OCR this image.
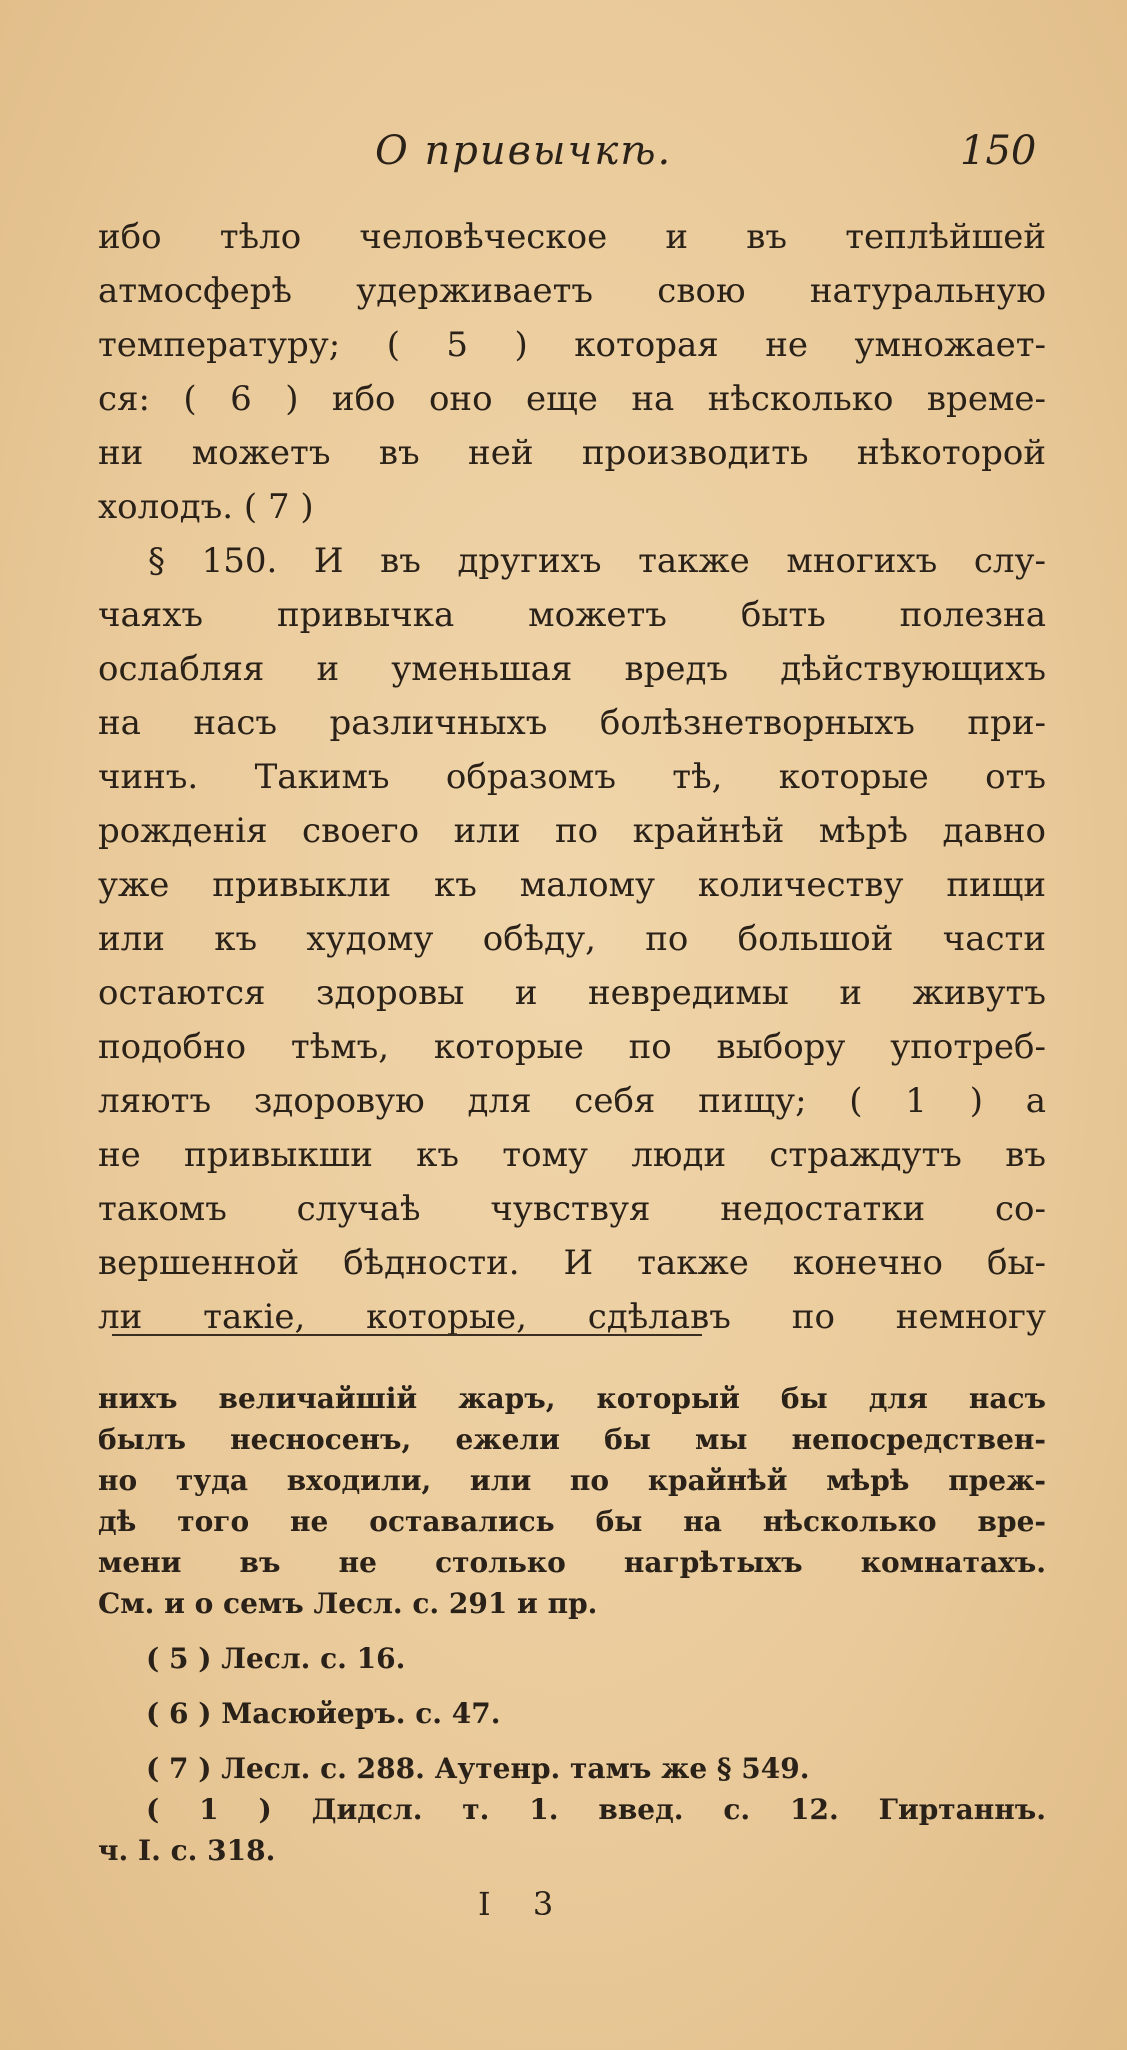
О привычкѣ.	150
ибо тѣло человѣческое и въ теплѣйшей
атмосферѣ удерживаетъ свою натуральную
температуру; ( 5 ) которая не умножает-
ся: ( 6 ) ибо оно еще на нѣсколько време-
ни можетъ въ ней производить нѣкоторой
холодъ. ( 7 )
§ 150. И въ другихъ также многихъ слу-
чаяхъ привычка можетъ быть полезна
ослабляя и уменьшая вредъ дѣйствующихъ
на насъ различныхъ болѣзнетворныхъ при-
чинъ. Такимъ образомъ тѣ, которые отъ
рожденія своего или по крайнѣй мѣрѣ давно
уже привыкли къ малому количеству пищи
или къ худому обѣду, по большой части
остаются здоровы и невредимы и живутъ
подобно тѣмъ, которые по выбору употреб-
ляютъ здоровую для себя пищу; ( 1 ) а
не привыкши къ тому люди страждутъ въ
такомъ случаѣ чувствуя недостатки со-
вершенной бѣдности. И также конечно бы-
ли такіе, которые, сдѣлавъ по немногу
нихъ величайшій жаръ, который бы для насъ
былъ несносенъ, ежели бы мы непосредствен-
но туда входили, или по крайнѣй мѣрѣ преж-
дѣ того не оставались бы на нѣсколько вре-
мени въ не столько нагрѣтыхъ комнатахъ.
См. и о семъ Лесл. с. 291 и пр.
( 5 ) Лесл. с. 16.
( 6 ) Масюйеръ. с. 47.
( 7 ) Лесл. с. 288. Аутенр. тамъ же § 549.
( 1 ) Дидсл. т. 1. введ. с. 12. Гиртаннъ.
ч. I. с. 318.
I 3
